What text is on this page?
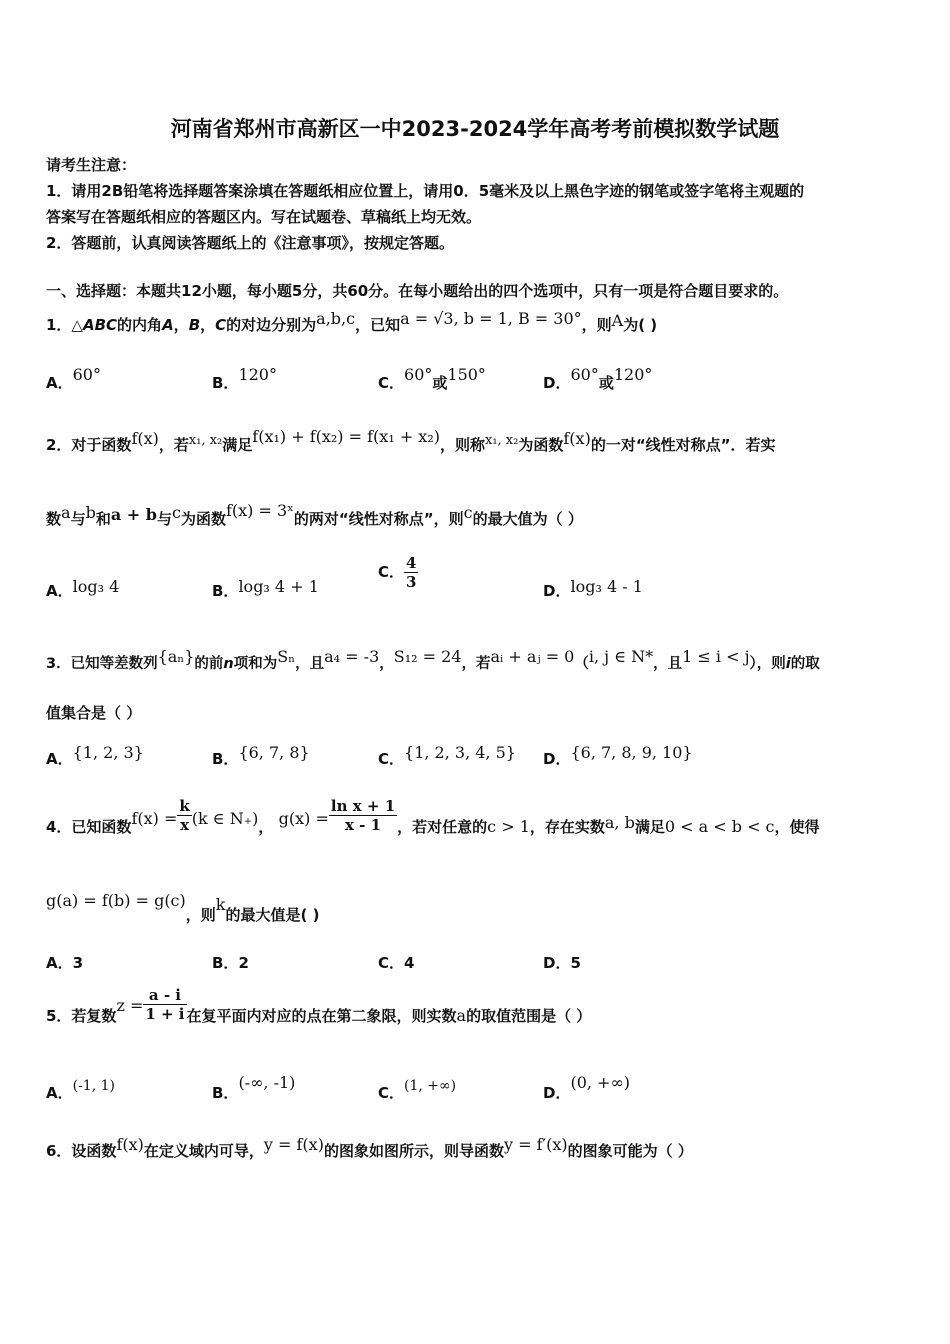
河南省郑州市高新区一中2023-2024学年高考考前模拟数学试题
请考生注意：
1．请用2B铅笔将选择题答案涂填在答题纸相应位置上，请用0．5毫米及以上黑色字迹的钢笔或签字笔将主观题的
答案写在答题纸相应的答题区内。写在试题卷、草稿纸上均无效。
2．答题前，认真阅读答题纸上的《注意事项》，按规定答题。
一、选择题：本题共12小题，每小题5分，共60分。在每小题给出的四个选项中，只有一项是符合题目要求的。
1．△ABC的内角A，B，C的对边分别为a,b,c，已知a = √3, b = 1, B = 30°，则A为( )
A．60°	B．120°	C．60°或150°	D．60°或120°
2．对于函数f(x)，若x₁, x₂满足f(x₁) + f(x₂) = f(x₁ + x₂)，则称x₁, x₂为函数f(x)的一对“线性对称点”．若实
数a与b和a + b与c为函数f(x) = 3ˣ的两对“线性对称点”，则c的最大值为（ ）
A．log₃ 4	B．log₃ 4 + 1
C． $\frac{4}{3}$	D．log₃ 4 - 1
3．已知等差数列{aₙ}的前n项和为Sₙ，且a₄ = -3，S₁₂ = 24，若aᵢ + aⱼ = 0（i, j ∈ N*，且1 ≤ i < j），则i的取
值集合是（ ）
A．{1, 2, 3}	B．{6, 7, 8}	C．{1, 2, 3, 4, 5} D．{6, 7, 8, 9, 10}
4．已知函数$f(x) = \frac{k}{x} (k$ ∈ N₊)， $g(x) = \frac{\text{ln x + 1}}{x - 1}$ ，若对任意的c > 1，存在实数a, b满足0 < a < b < c，使得
g(a) = f(b) = g(c)，则k的最大值是( )
A．3	B．2	C．4	D．5
5．若复数$z = \frac{a - i}{1 + i}$ 在复平面内对应的点在第二象限，则实数a的取值范围是（ ）
A．(-1, 1)	B．(-∞, -1)
C．(1, +∞)	D．(0, +∞)
6．设函数f(x)在定义域内可导，y = f(x)的图象如图所示，则导函数y = f′(x)的图象可能为（ ）
